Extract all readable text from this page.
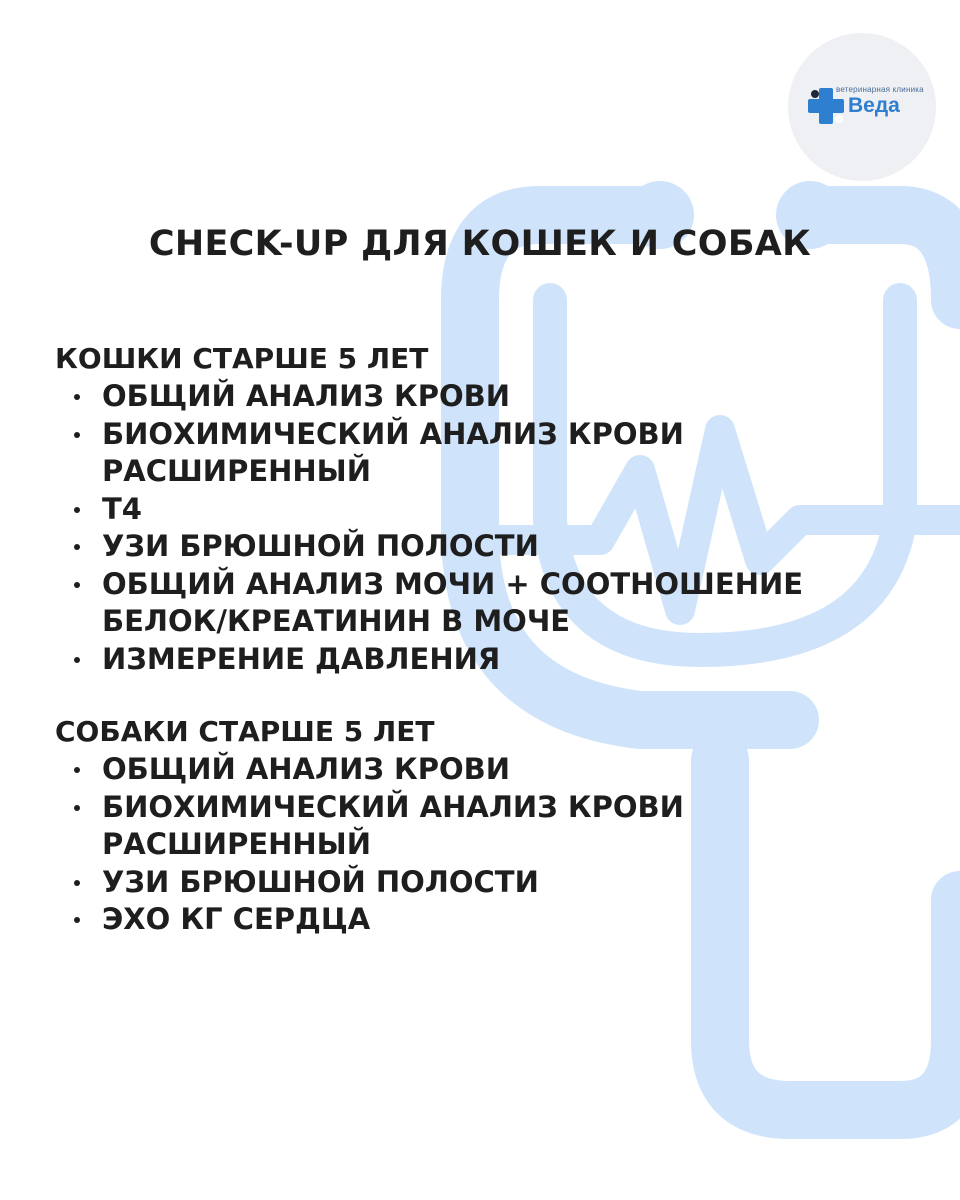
ветеринарная клиника
Веда
CHECK-UP ДЛЯ КОШЕК И СОБАК
КОШКИ СТАРШЕ 5 ЛЕТ
ОБЩИЙ АНАЛИЗ КРОВИ
БИОХИМИЧЕСКИЙ АНАЛИЗ КРОВИ
РАСШИРЕННЫЙ
Т4
УЗИ БРЮШНОЙ ПОЛОСТИ
ОБЩИЙ АНАЛИЗ МОЧИ + СООТНОШЕНИЕ
БЕЛОК/КРЕАТИНИН В МОЧЕ
ИЗМЕРЕНИЕ ДАВЛЕНИЯ
СОБАКИ СТАРШЕ 5 ЛЕТ
ОБЩИЙ АНАЛИЗ КРОВИ
БИОХИМИЧЕСКИЙ АНАЛИЗ КРОВИ
РАСШИРЕННЫЙ
УЗИ БРЮШНОЙ ПОЛОСТИ
ЭХО КГ СЕРДЦА
